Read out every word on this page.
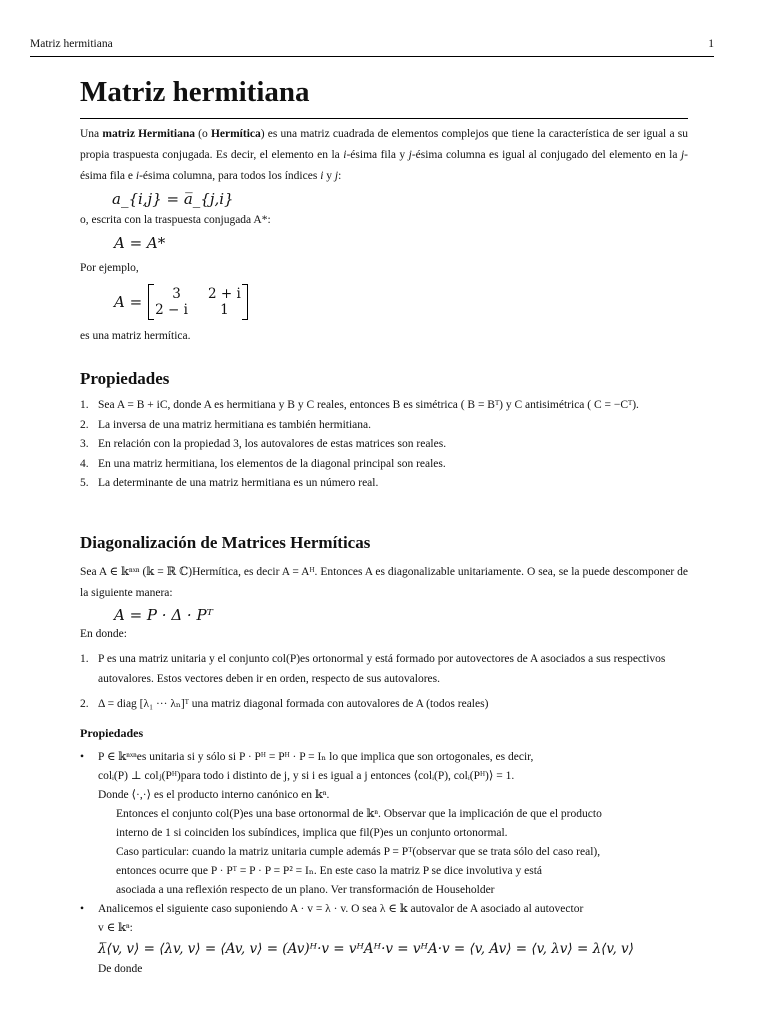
Matriz hermitiana	1
Matriz hermitiana

Una matriz Hermitiana (o Hermítica) es una matriz cuadrada de elementos complejos que tiene la característica de ser igual a su propia traspuesta conjugada. Es decir, el elemento en la i-ésima fila y j-ésima columna es igual al conjugado del elemento en la j-ésima fila e i-ésima columna, para todos los índices i y j:

a_{i,j} = a̅_{j,i}

o, escrita con la traspuesta conjugada A*:

A = A*

Por ejemplo,

A = 3	2 + i
2 − i	1

es una matriz hermítica.

Propiedades
1. Sea A = B + iC, donde A es hermitiana y B y C reales, entonces B es simétrica ( B = Bᵀ) y C antisimétrica ( C = −Cᵀ).
2. La inversa de una matriz hermitiana es también hermitiana.
3. En relación con la propiedad 3, los autovalores de estas matrices son reales.
4. En una matriz hermitiana, los elementos de la diagonal principal son reales.
5. La determinante de una matriz hermitiana es un número real.
Diagonalización de Matrices Hermíticas

Sea A ∈ 𝕜ⁿˣⁿ (𝕜 = ℝ ℂ)Hermítica, es decir A = Aᴴ. Entonces A es diagonalizable unitariamente. O sea, se la puede descomponer de la siguiente manera:

A = P · Δ · Pᵀ

En donde:

1. P es una matriz unitaria y el conjunto col(P)es ortonormal y está formado por autovectores de A asociados a sus respectivos autovalores. Estos vectores deben ir en orden, respecto de sus autovalores.
2. Δ = diag [λ₁ ··· λₙ]ᵀ una matriz diagonal formada con autovalores de A (todos reales)
Propiedades
• P ∈ 𝕜ⁿˣⁿes unitaria si y sólo si P · Pᴴ = Pᴴ · P = Iₙ lo que implica que son ortogonales, es decir,
colᵢ(P) ⊥ colⱼ(Pᴴ)para todo i distinto de j, y si i es igual a j entonces ⟨colᵢ(P), colᵢ(Pᴴ)⟩ = 1.
Donde ⟨·,·⟩ es el producto interno canónico en 𝕜ⁿ.
Entonces el conjunto col(P)es una base ortonormal de 𝕜ⁿ. Observar que la implicación de que el producto
interno de 1 si coinciden los subíndices, implica que fil(P)es un conjunto ortonormal.
Caso particular: cuando la matriz unitaria cumple además P = Pᵀ(observar que se trata sólo del caso real),
entonces ocurre que P · Pᵀ = P · P = P² = Iₙ. En este caso la matriz P se dice involutiva y está
asociada a una reflexión respecto de un plano. Ver transformación de Householder
• Analicemos el siguiente caso suponiendo A · v = λ · v. O sea λ ∈ 𝕜 autovalor de A asociado al autovector
v ∈ 𝕜ⁿ:
λ̅⟨v, v⟩ = ⟨λv, v⟩ = ⟨Av, v⟩ = (Av)ᴴ·v = vᴴAᴴ·v = vᴴA·v = ⟨v, Av⟩ = ⟨v, λv⟩ = λ⟨v, v⟩
De donde
